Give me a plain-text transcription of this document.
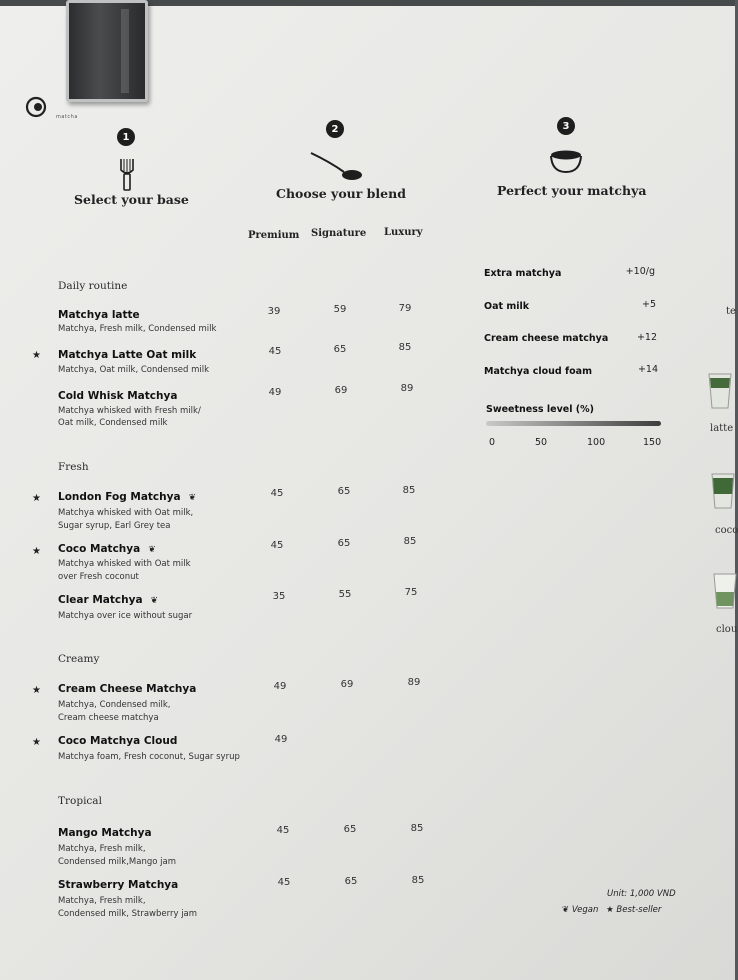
matcha
1
Select your base
2
Choose your blend
3
Perfect your matchya
Premium Signature Luxury
Daily routine
Matchya latte
Matchya, Fresh milk, Condensed milk
39	59	79
★ Matchya Latte Oat milk
Matchya, Oat milk, Condensed milk
45	65	85
Cold Whisk Matchya
Matchya whisked with Fresh milk/
Oat milk, Condensed milk
49	69	89
Fresh
★ London Fog Matchya ❦
Matchya whisked with Oat milk,
Sugar syrup, Earl Grey tea
45	65	85
★ Coco Matchya ❦
Matchya whisked with Oat milk
over Fresh coconut
45	65	85
Clear Matchya ❦
Matchya over ice without sugar
35	55	75
Creamy
★ Cream Cheese Matchya
Matchya, Condensed milk,
Cream cheese matchya
49	69	89
★ Coco Matchya Cloud
Matchya foam, Fresh coconut, Sugar syrup
49
Tropical
Mango Matchya
Matchya, Fresh milk,
Condensed milk,Mango jam
45	65	85
Strawberry Matchya
Matchya, Fresh milk,
Condensed milk, Strawberry jam
45	65	85
Extra matchya	+10/g
Oat milk	+5
Cream cheese matchya	+12
Matchya cloud foam	+14
Sweetness level (%)
0	50	100	150
Unit: 1,000 VND
❦ Vegan ★ Best-seller
te
latte
coco
clou
